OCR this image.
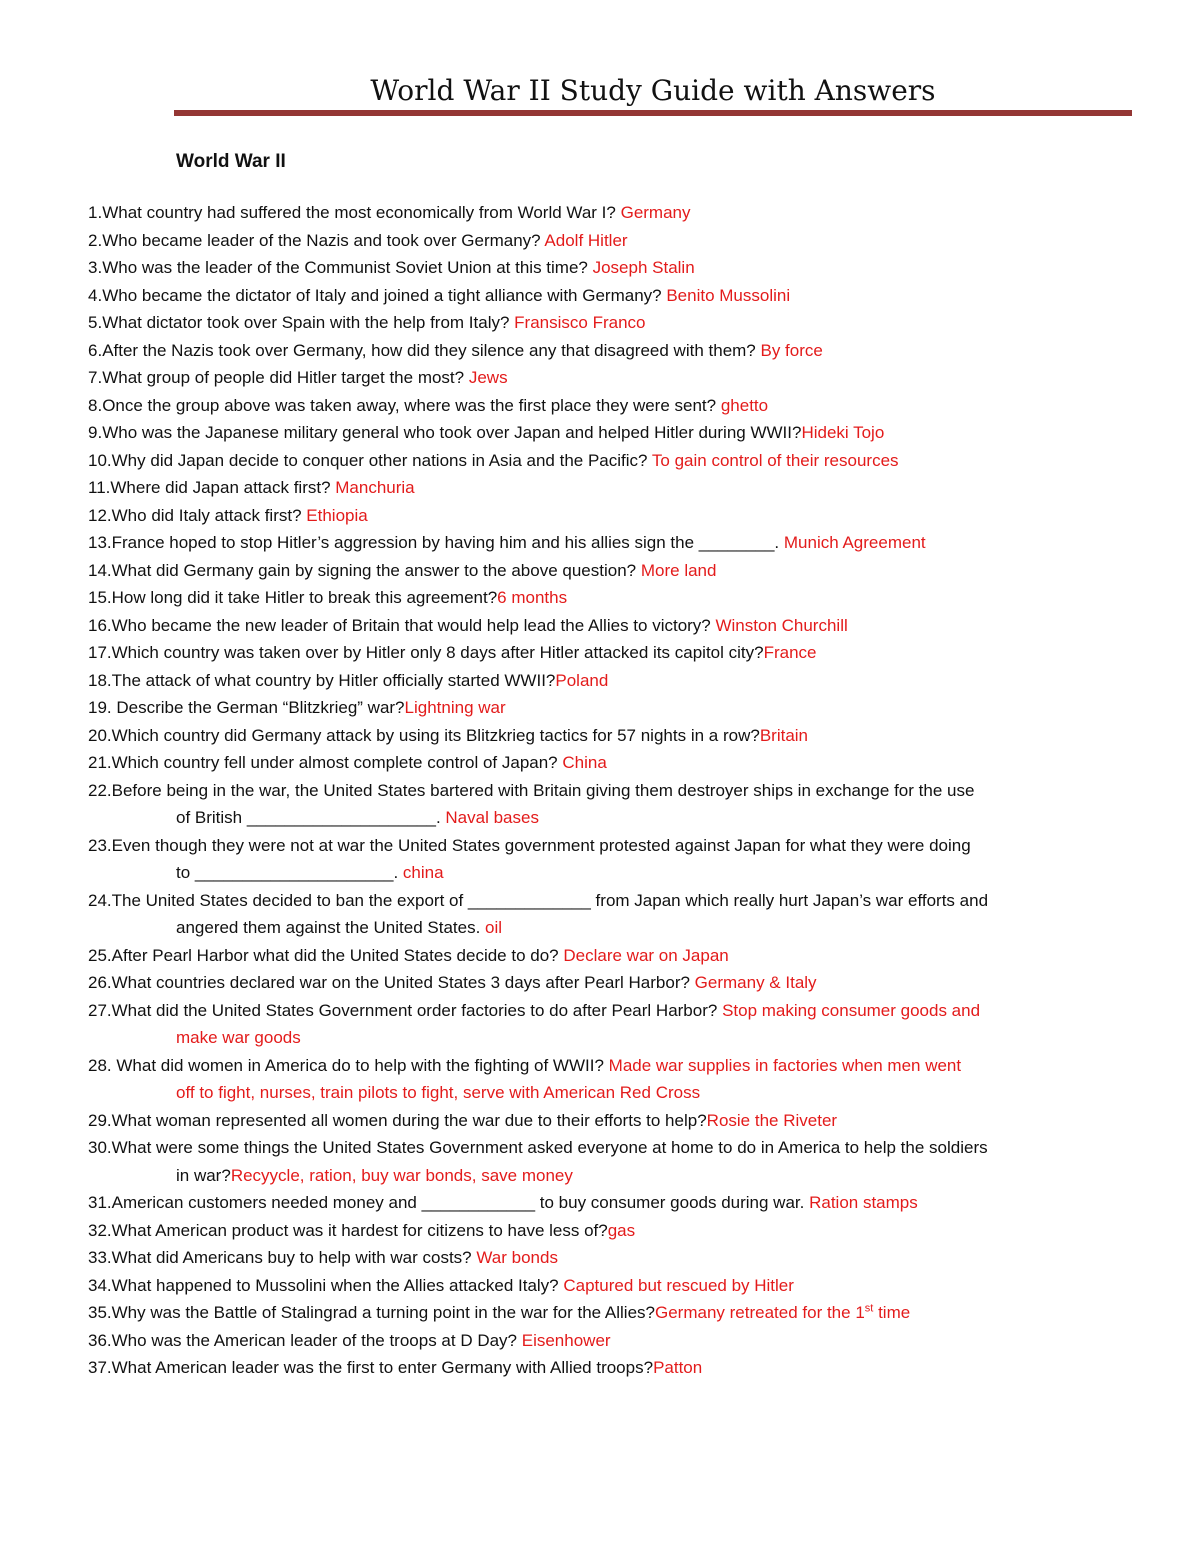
World War II Study Guide with Answers
World War II
1.What country had suffered the most economically from World War I? Germany
2.Who became leader of the Nazis and took over Germany? Adolf Hitler
3.Who was the leader of the Communist Soviet Union at this time? Joseph Stalin
4.Who became the dictator of Italy and joined a tight alliance with Germany? Benito Mussolini
5.What dictator took over Spain with the help from Italy? Fransisco Franco
6.After the Nazis took over Germany, how did they silence any that disagreed with them? By force
7.What group of people did Hitler target the most? Jews
8.Once the group above was taken away, where was the first place they were sent? ghetto
9.Who was the Japanese military general who took over Japan and helped Hitler during WWII?Hideki Tojo
10.Why did Japan decide to conquer other nations in Asia and the Pacific? To gain control of their resources
11.Where did Japan attack first? Manchuria
12.Who did Italy attack first? Ethiopia
13.France hoped to stop Hitler’s aggression by having him and his allies sign the ________. Munich Agreement
14.What did Germany gain by signing the answer to the above question? More land
15.How long did it take Hitler to break this agreement?6 months
16.Who became the new leader of Britain that would help lead the Allies to victory? Winston Churchill
17.Which country was taken over by Hitler only 8 days after Hitler attacked its capitol city?France
18.The attack of what country by Hitler officially started WWII?Poland
19. Describe the German “Blitzkrieg” war?Lightning war
20.Which country did Germany attack by using its Blitzkrieg tactics for 57 nights in a row?Britain
21.Which country fell under almost complete control of Japan? China
22.Before being in the war, the United States bartered with Britain giving them destroyer ships in exchange for the use
of British ____________________. Naval bases
23.Even though they were not at war the United States government protested against Japan for what they were doing
to _____________________. china
24.The United States decided to ban the export of _____________ from Japan which really hurt Japan’s war efforts and
angered them against the United States. oil
25.After Pearl Harbor what did the United States decide to do? Declare war on Japan
26.What countries declared war on the United States 3 days after Pearl Harbor? Germany & Italy
27.What did the United States Government order factories to do after Pearl Harbor? Stop making consumer goods and
make war goods
28. What did women in America do to help with the fighting of WWII? Made war supplies in factories when men went
off to fight, nurses, train pilots to fight, serve with American Red Cross
29.What woman represented all women during the war due to their efforts to help?Rosie the Riveter
30.What were some things the United States Government asked everyone at home to do in America to help the soldiers
in war?Recyycle, ration, buy war bonds, save money
31.American customers needed money and ____________ to buy consumer goods during war. Ration stamps
32.What American product was it hardest for citizens to have less of?gas
33.What did Americans buy to help with war costs? War bonds
34.What happened to Mussolini when the Allies attacked Italy? Captured but rescued by Hitler
35.Why was the Battle of Stalingrad a turning point in the war for the Allies?Germany retreated for the 1st time
36.Who was the American leader of the troops at D Day? Eisenhower
37.What American leader was the first to enter Germany with Allied troops?Patton
